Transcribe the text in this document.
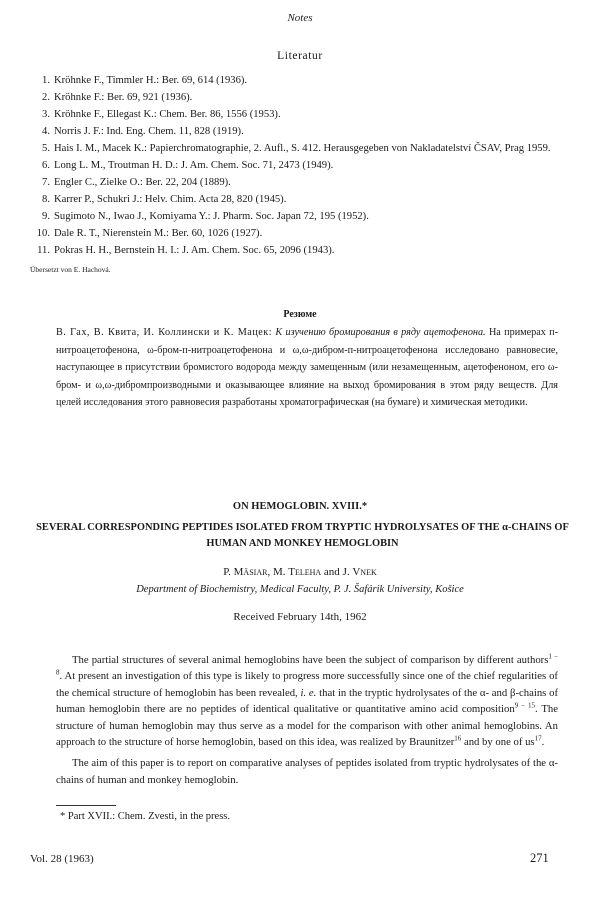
Notes
Literatur
1. Kröhnke F., Timmler H.: Ber. 69, 614 (1936).
2. Kröhnke F.: Ber. 69, 921 (1936).
3. Kröhnke F., Ellegast K.: Chem. Ber. 86, 1556 (1953).
4. Norris J. F.: Ind. Eng. Chem. 11, 828 (1919).
5. Hais I. M., Macek K.: Papierchromatographie, 2. Aufl., S. 412. Herausgegeben von Nakladatelství ČSAV, Prag 1959.
6. Long L. M., Troutman H. D.: J. Am. Chem. Soc. 71, 2473 (1949).
7. Engler C., Zielke O.: Ber. 22, 204 (1889).
8. Karrer P., Schukri J.: Helv. Chim. Acta 28, 820 (1945).
9. Sugimoto N., Iwao J., Komiyama Y.: J. Pharm. Soc. Japan 72, 195 (1952).
10. Dale R. T., Nierenstein M.: Ber. 60, 1026 (1927).
11. Pokras H. H., Bernstein H. I.: J. Am. Chem. Soc. 65, 2096 (1943).
Übersetzt von E. Hachová.
Резюме
В. Гах, В. Квита, И. Коллински и К. Мацек: К изучению бромирования в ряду ацетофенона. На примерах п-нитроацетофенона, ω-бром-п-нитроацетофенона и ω,ω-дибром-п-нитроацетофенона исследовано равновесие, наступающее в присутствии бромистого водорода между замещенным (или незамещенным, ацетофеноном, его ω-бром- и ω,ω-дибромпроизводными и оказывающее влияние на выход бромирования в этом ряду веществ. Для целей исследования этого равновесия разработаны хроматографическая (на бумаге) и химическая методики.
ON HEMOGLOBIN. XVIII.*
SEVERAL CORRESPONDING PEPTIDES ISOLATED FROM TRYPTIC HYDROLYSATES OF THE α-CHAINS OF HUMAN AND MONKEY HEMOGLOBIN
P. Mäsiar, M. Teleha and J. Vnek
Department of Biochemistry, Medical Faculty, P. J. Šafárik University, Košice
Received February 14th, 1962

The partial structures of several animal hemoglobins have been the subject of comparison by different authors$^{1 - 8}$. At present an investigation of this type is likely to progress more successfully since one of the chief regularities of the chemical structure of hemoglobin has been revealed, i. e. that in the tryptic hydrolysates of the α- and β-chains of human hemoglobin there are no peptides of identical qualitative or quantitative amino acid composition$^{9 - 15}$. The structure of human hemoglobin may thus serve as a model for the comparison with other animal hemoglobins. An approach to the structure of horse hemoglobin, based on this idea, was realized by Braunitzer$^{16}$ and by one of $us^{17}$.

The aim of this paper is to report on comparative analyses of peptides isolated from tryptic hydrolysates of the α-chains of human and monkey hemoglobin.

* Part XVII.: Chem. Zvesti, in the press.
Vol. 28 (1963)	271
